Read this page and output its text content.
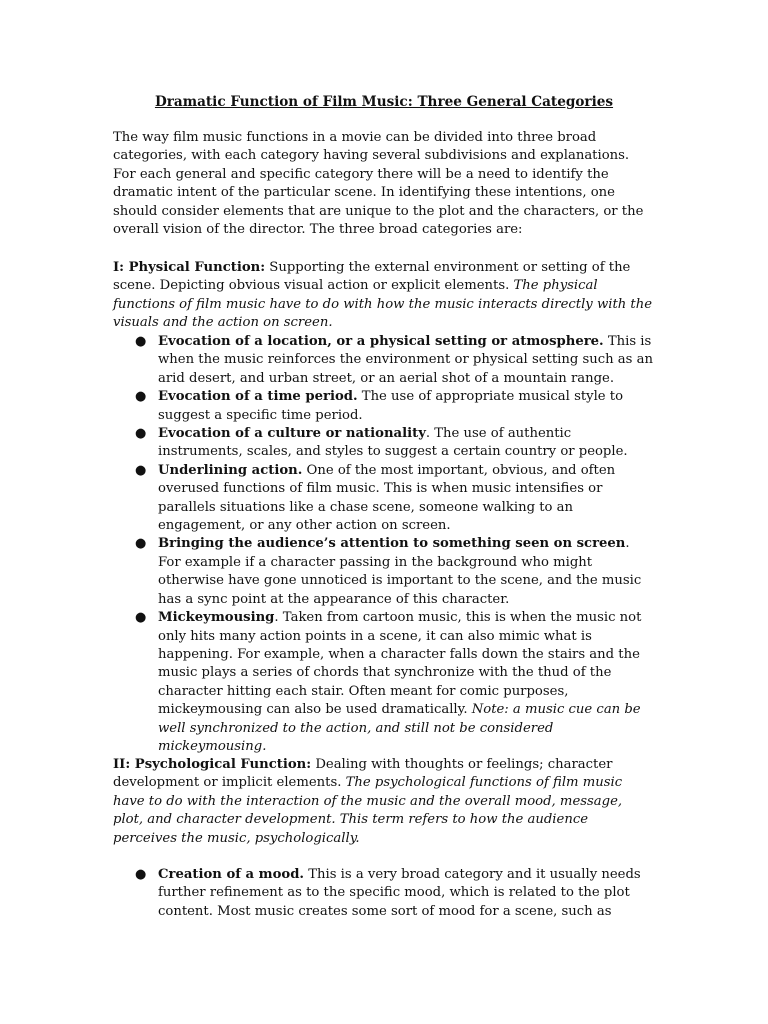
Dramatic Function of Film Music: Three General Categories

The way film music functions in a movie can be divided into three broad categories, with each category having several subdivisions and explanations. For each general and specific category there will be a need to identify the dramatic intent of the particular scene. In identifying these intentions, one should consider elements that are unique to the plot and the characters, or the overall vision of the director. The three broad categories are:

I: Physical Function: Supporting the external environment or setting of the scene. Depicting obvious visual action or explicit elements. The physical functions of film music have to do with how the music interacts directly with the visuals and the action on screen.

● Evocation of a location, or a physical setting or atmosphere. This is when the music reinforces the environment or physical setting such as an arid desert, and urban street, or an aerial shot of a mountain range.
● Evocation of a time period. The use of appropriate musical style to suggest a specific time period.
● Evocation of a culture or nationality. The use of authentic instruments, scales, and styles to suggest a certain country or people.
● Underlining action. One of the most important, obvious, and often overused functions of film music. This is when music intensifies or parallels situations like a chase scene, someone walking to an engagement, or any other action on screen.
● Bringing the audience’s attention to something seen on screen. For example if a character passing in the background who might otherwise have gone unnoticed is important to the scene, and the music has a sync point at the appearance of this character.
● Mickeymousing. Taken from cartoon music, this is when the music not only hits many action points in a scene, it can also mimic what is happening. For example, when a character falls down the stairs and the music plays a series of chords that synchronize with the thud of the character hitting each stair. Often meant for comic purposes, mickeymousing can also be used dramatically. Note: a music cue can be well synchronized to the action, and still not be considered mickeymousing.

II: Psychological Function: Dealing with thoughts or feelings; character development or implicit elements. The psychological functions of film music have to do with the interaction of the music and the overall mood, message, plot, and character development. This term refers to how the audience perceives the music, psychologically.

● Creation of a mood. This is a very broad category and it usually needs further refinement as to the specific mood, which is related to the plot content. Most music creates some sort of mood for a scene, such as
